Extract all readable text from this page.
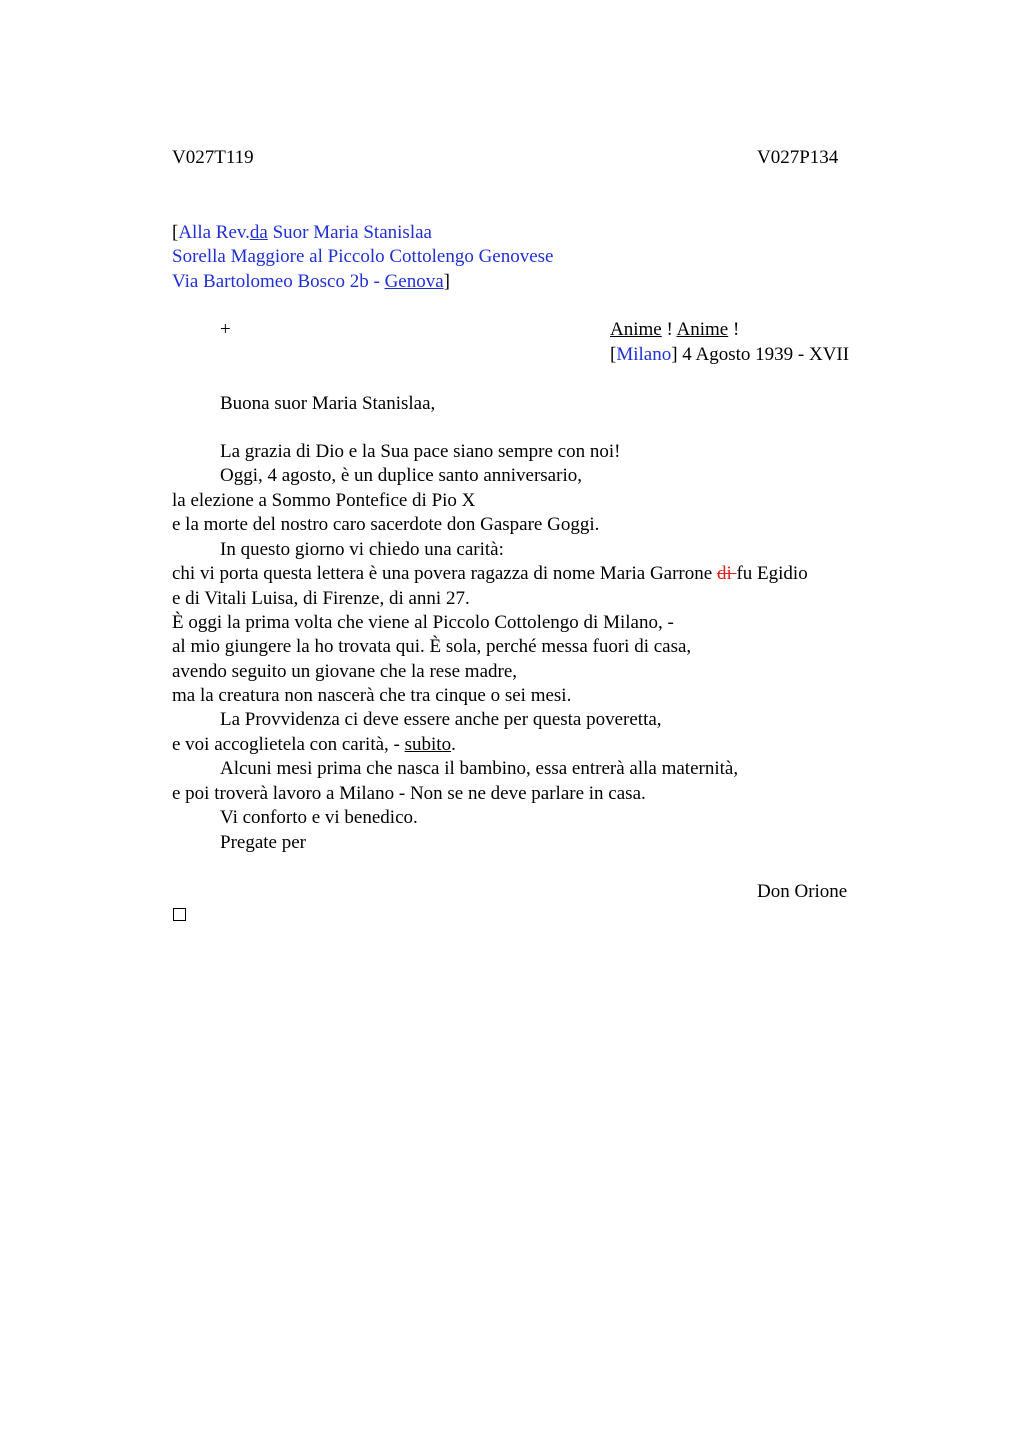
V027T119	V027P134
[Alla Rev.da Suor Maria Stanislaa
Sorella Maggiore al Piccolo Cottolengo Genovese
Via Bartolomeo Bosco 2b - Genova]
+	Anime ! Anime !
[Milano] 4 Agosto 1939 - XVII
Buona suor Maria Stanislaa,
La grazia di Dio e la Sua pace siano sempre con noi!
Oggi, 4 agosto, è un duplice santo anniversario,
la elezione a Sommo Pontefice di Pio X
e la morte del nostro caro sacerdote don Gaspare Goggi.
In questo giorno vi chiedo una carità:
chi vi porta questa lettera è una povera ragazza di nome Maria Garrone di fu Egidio
e di Vitali Luisa, di Firenze, di anni 27.
È oggi la prima volta che viene al Piccolo Cottolengo di Milano, -
al mio giungere la ho trovata qui. È sola, perché messa fuori di casa,
avendo seguito un giovane che la rese madre,
ma la creatura non nascerà che tra cinque o sei mesi.
La Provvidenza ci deve essere anche per questa poveretta,
e voi accoglietela con carità, - subito.
Alcuni mesi prima che nasca il bambino, essa entrerà alla maternità,
e poi troverà lavoro a Milano - Non se ne deve parlare in casa.
Vi conforto e vi benedico.
Pregate per
Don Orione
